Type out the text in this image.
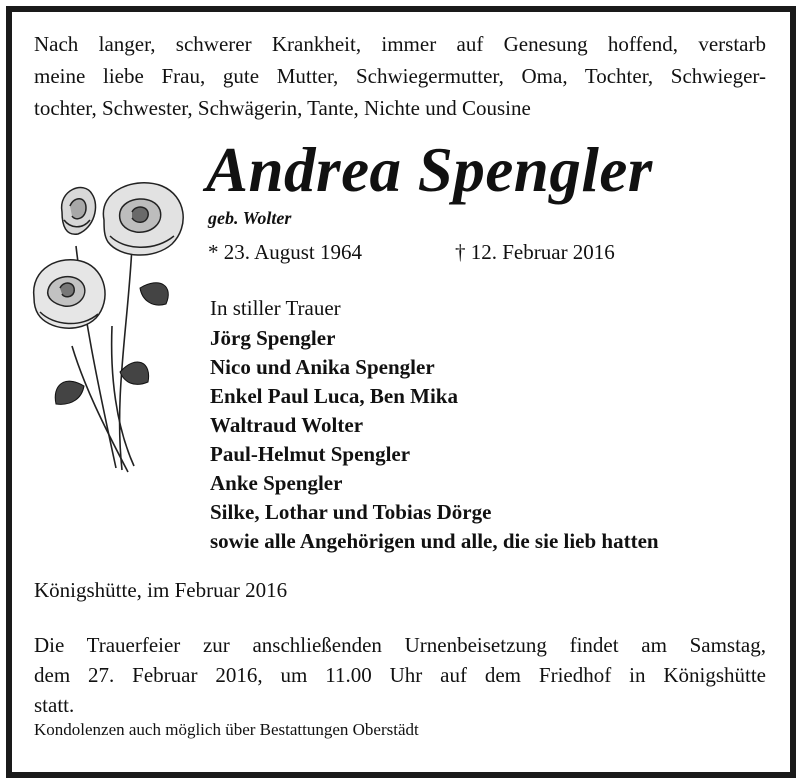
Nach langer, schwerer Krankheit, immer auf Genesung hoffend, verstarb
meine liebe Frau, gute Mutter, Schwiegermutter, Oma, Tochter, Schwieger-
tochter, Schwester, Schwägerin, Tante, Nichte und Cousine
Andrea Spengler
geb. Wolter
* 23. August 1964	† 12. Februar 2016
In stiller Trauer
Jörg Spengler
Nico und Anika Spengler
Enkel Paul Luca, Ben Mika
Waltraud Wolter
Paul-Helmut Spengler
Anke Spengler
Silke, Lothar und Tobias Dörge
sowie alle Angehörigen und alle, die sie lieb hatten
Königshütte, im Februar 2016
Die Trauerfeier zur anschließenden Urnenbeisetzung findet am Samstag,
dem 27. Februar 2016, um 11.00 Uhr auf dem Friedhof in Königshütte
statt.
Kondolenzen auch möglich über Bestattungen Oberstädt
